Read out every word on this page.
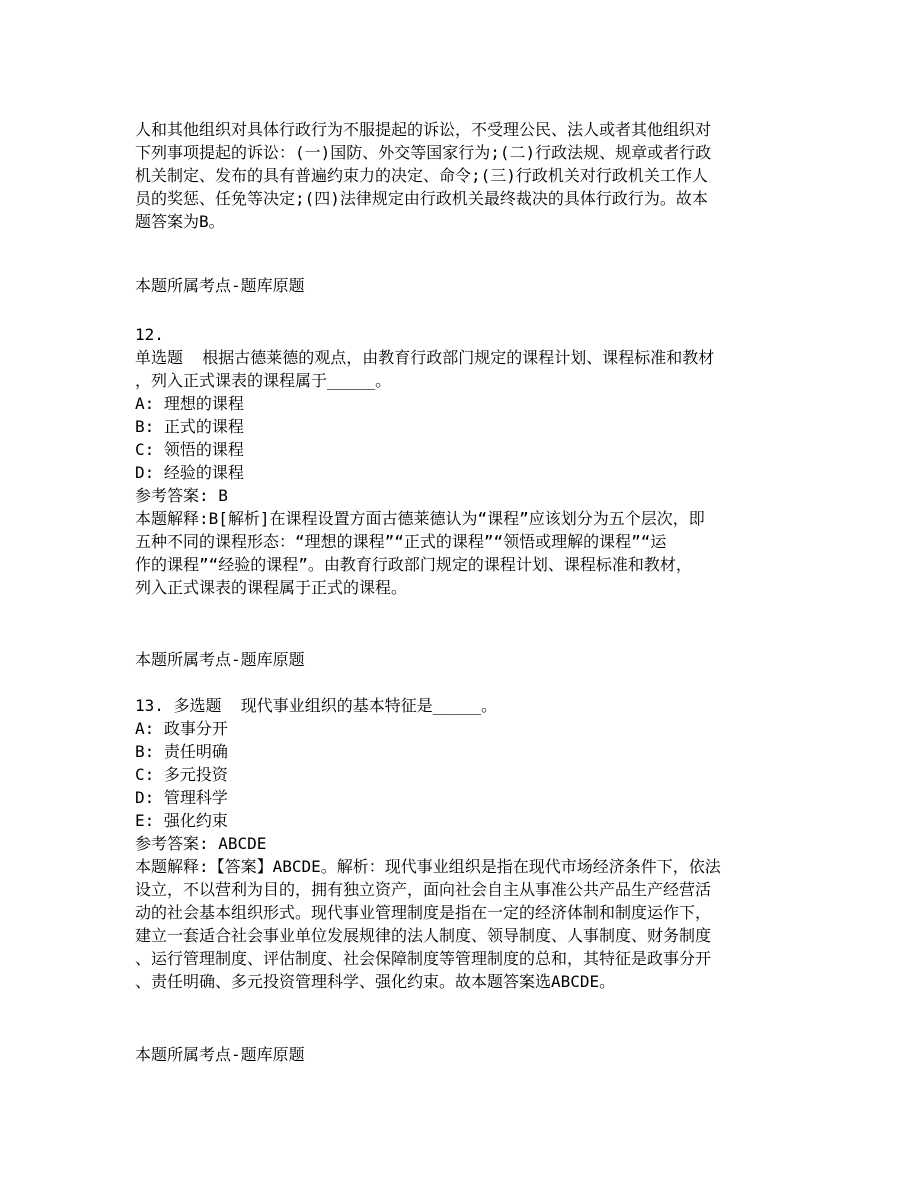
人和其他组织对具体行政行为不服提起的诉讼，不受理公民、法人或者其他组织对
下列事项提起的诉讼：(一)国防、外交等国家行为;(二)行政法规、规章或者行政
机关制定、发布的具有普遍约束力的决定、命令;(三)行政机关对行政机关工作人
员的奖惩、任免等决定;(四)法律规定由行政机关最终裁决的具体行政行为。故本
题答案为B。
本题所属考点-题库原题
12.
单选题  根据古德莱德的观点，由教育行政部门规定的课程计划、课程标准和教材
，列入正式课表的课程属于_____。
A: 理想的课程
B: 正式的课程
C: 领悟的课程
D: 经验的课程
参考答案: B
本题解释:B[解析]在课程设置方面古德莱德认为“课程”应该划分为五个层次，即
五种不同的课程形态：“理想的课程”“正式的课程”“领悟或理解的课程”“运
作的课程”“经验的课程”。由教育行政部门规定的课程计划、课程标准和教材，
列入正式课表的课程属于正式的课程。
本题所属考点-题库原题
13. 多选题  现代事业组织的基本特征是_____。
A: 政事分开
B: 责任明确
C: 多元投资
D: 管理科学
E: 强化约束
参考答案: ABCDE
本题解释:【答案】ABCDE。解析：现代事业组织是指在现代市场经济条件下，依法
设立，不以营利为目的，拥有独立资产，面向社会自主从事准公共产品生产经营活
动的社会基本组织形式。现代事业管理制度是指在一定的经济体制和制度运作下，
建立一套适合社会事业单位发展规律的法人制度、领导制度、人事制度、财务制度
、运行管理制度、评估制度、社会保障制度等管理制度的总和，其特征是政事分开
、责任明确、多元投资管理科学、强化约束。故本题答案选ABCDE。
本题所属考点-题库原题
